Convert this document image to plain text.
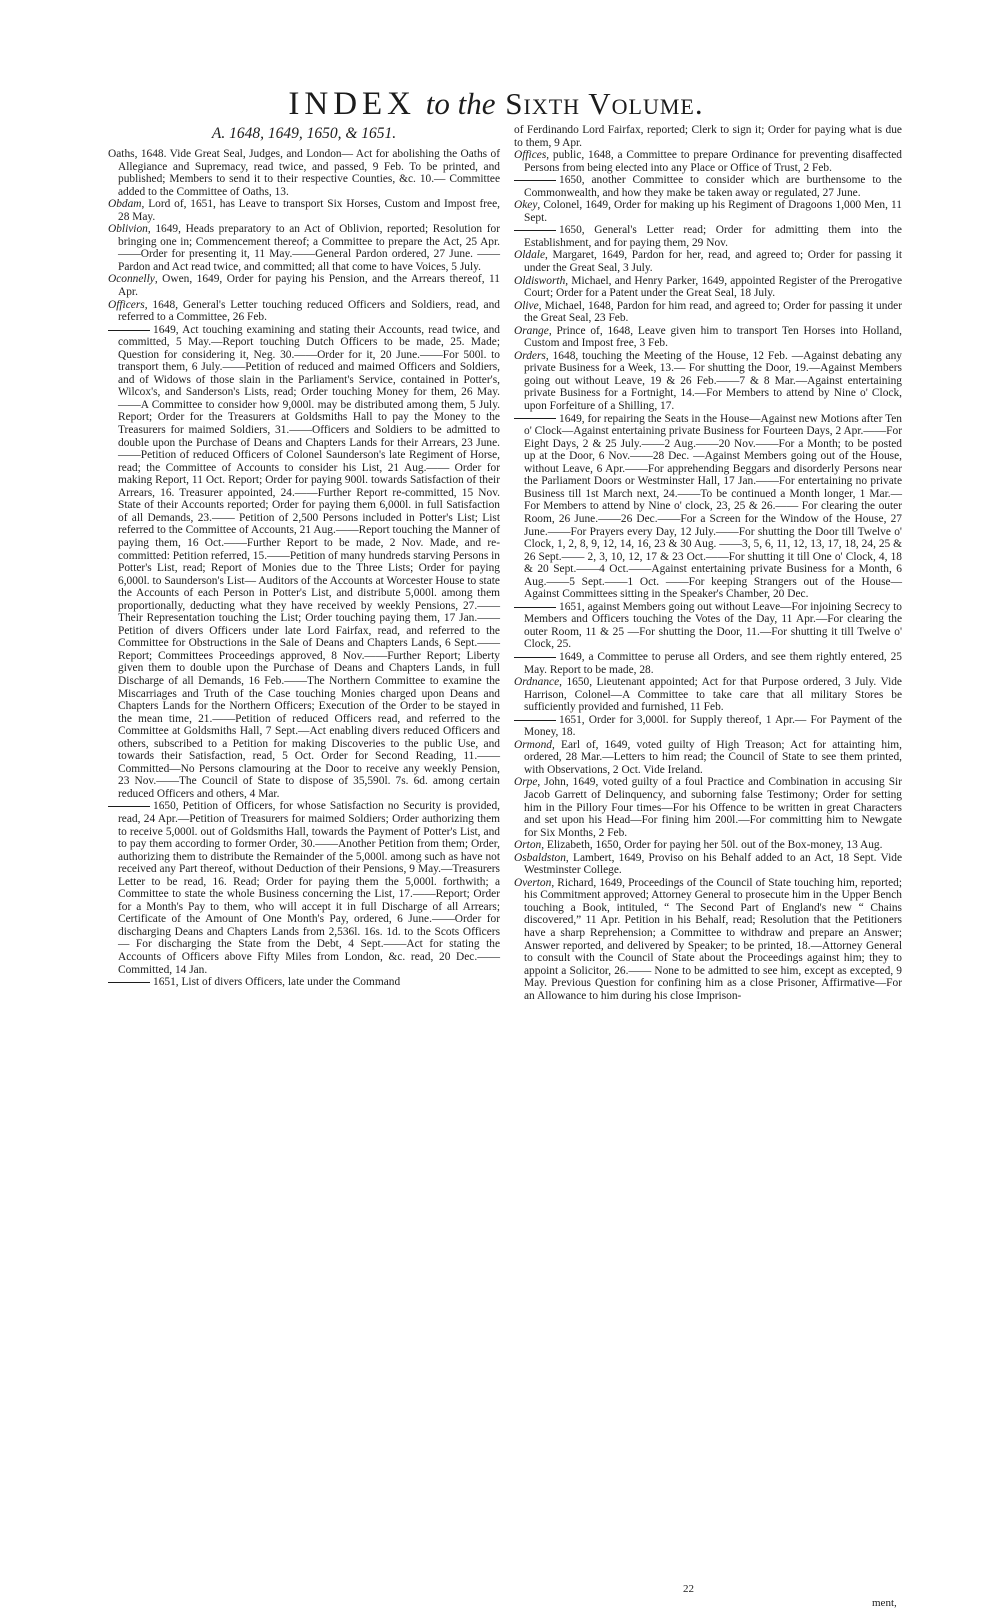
INDEX to the Sixth Volume.
A. 1648, 1649, 1650, & 1651.

Oaths, 1648. Vide Great Seal, Judges, and London— Act for abolishing the Oaths of Allegiance and Supremacy, read twice, and passed, 9 Feb. To be printed, and published; Members to send it to their respective Counties, &c. 10.— Committee added to the Committee of Oaths, 13.

Obdam, Lord of, 1651, has Leave to transport Six Horses, Custom and Impost free, 28 May.

Oblivion, 1649, Heads preparatory to an Act of Oblivion, reported; Resolution for bringing one in; Commencement thereof; a Committee to prepare the Act, 25 Apr.——Order for presenting it, 11 May.——General Pardon ordered, 27 June. ——Pardon and Act read twice, and committed; all that come to have Voices, 5 July.

Oconnelly, Owen, 1649, Order for paying his Pension, and the Arrears thereof, 11 Apr.

Officers, 1648, General's Letter touching reduced Officers and Soldiers, read, and referred to a Committee, 26 Feb.

1649, Act touching examining and stating their Accounts, read twice, and committed, 5 May.—Report touching Dutch Officers to be made, 25. Made; Question for considering it, Neg. 30.——Order for it, 20 June.——For 500l. to transport them, 6 July.——Petition of reduced and maimed Officers and Soldiers, and of Widows of those slain in the Parliament's Service, contained in Potter's, Wilcox's, and Sanderson's Lists, read; Order touching Money for them, 26 May.——A Committee to consider how 9,000l. may be distributed among them, 5 July. Report; Order for the Treasurers at Goldsmiths Hall to pay the Money to the Treasurers for maimed Soldiers, 31.——Officers and Soldiers to be admitted to double upon the Purchase of Deans and Chapters Lands for their Arrears, 23 June.——Petition of reduced Officers of Colonel Saunderson's late Regiment of Horse, read; the Committee of Accounts to consider his List, 21 Aug.—— Order for making Report, 11 Oct. Report; Order for paying 900l. towards Satisfaction of their Arrears, 16. Treasurer appointed, 24.——Further Report re-committed, 15 Nov. State of their Accounts reported; Order for paying them 6,000l. in full Satisfaction of all Demands, 23.—— Petition of 2,500 Persons included in Potter's List; List referred to the Committee of Accounts, 21 Aug.——Report touching the Manner of paying them, 16 Oct.——Further Report to be made, 2 Nov. Made, and re-committed: Petition referred, 15.——Petition of many hundreds starving Persons in Potter's List, read; Report of Monies due to the Three Lists; Order for paying 6,000l. to Saunderson's List— Auditors of the Accounts at Worcester House to state the Accounts of each Person in Potter's List, and distribute 5,000l. among them proportionally, deducting what they have received by weekly Pensions, 27.——Their Representation touching the List; Order touching paying them, 17 Jan.—— Petition of divers Officers under late Lord Fairfax, read, and referred to the Committee for Obstructions in the Sale of Deans and Chapters Lands, 6 Sept.——Report; Committees Proceedings approved, 8 Nov.——Further Report; Liberty given them to double upon the Purchase of Deans and Chapters Lands, in full Discharge of all Demands, 16 Feb.——The Northern Committee to examine the Miscarriages and Truth of the Case touching Monies charged upon Deans and Chapters Lands for the Northern Officers; Execution of the Order to be stayed in the mean time, 21.——Petition of reduced Officers read, and referred to the Committee at Goldsmiths Hall, 7 Sept.—Act enabling divers reduced Officers and others, subscribed to a Petition for making Discoveries to the public Use, and towards their Satisfaction, read, 5 Oct. Order for Second Reading, 11.——Committed—No Persons clamouring at the Door to receive any weekly Pension, 23 Nov.——The Council of State to dispose of 35,590l. 7s. 6d. among certain reduced Officers and others, 4 Mar.

1650, Petition of Officers, for whose Satisfaction no Security is provided, read, 24 Apr.—Petition of Treasurers for maimed Soldiers; Order authorizing them to receive 5,000l. out of Goldsmiths Hall, towards the Payment of Potter's List, and to pay them according to former Order, 30.——Another Petition from them; Order, authorizing them to distribute the Remainder of the 5,000l. among such as have not received any Part thereof, without Deduction of their Pensions, 9 May.—Treasurers Letter to be read, 16. Read; Order for paying them the 5,000l. forthwith; a Committee to state the whole Business concerning the List, 17.——Report; Order for a Month's Pay to them, who will accept it in full Discharge of all Arrears; Certificate of the Amount of One Month's Pay, ordered, 6 June.——Order for discharging Deans and Chapters Lands from 2,536l. 16s. 1d. to the Scots Officers— For discharging the State from the Debt, 4 Sept.——Act for stating the Accounts of Officers above Fifty Miles from London, &c. read, 20 Dec.——Committed, 14 Jan.

1651, List of divers Officers, late under the Command

of Ferdinando Lord Fairfax, reported; Clerk to sign it; Order for paying what is due to them, 9 Apr.

Offices, public, 1648, a Committee to prepare Ordinance for preventing disaffected Persons from being elected into any Place or Office of Trust, 2 Feb.

1650, another Committee to consider which are burthensome to the Commonwealth, and how they make be taken away or regulated, 27 June.

Okey, Colonel, 1649, Order for making up his Regiment of Dragoons 1,000 Men, 11 Sept.

1650, General's Letter read; Order for admitting them into the Establishment, and for paying them, 29 Nov.

Oldale, Margaret, 1649, Pardon for her, read, and agreed to; Order for passing it under the Great Seal, 3 July.

Oldisworth, Michael, and Henry Parker, 1649, appointed Register of the Prerogative Court; Order for a Patent under the Great Seal, 18 July.

Olive, Michael, 1648, Pardon for him read, and agreed to; Order for passing it under the Great Seal, 23 Feb.

Orange, Prince of, 1648, Leave given him to transport Ten Horses into Holland, Custom and Impost free, 3 Feb.

Orders, 1648, touching the Meeting of the House, 12 Feb. —Against debating any private Business for a Week, 13.— For shutting the Door, 19.—Against Members going out without Leave, 19 & 26 Feb.——7 & 8 Mar.—Against entertaining private Business for a Fortnight, 14.—For Members to attend by Nine o' Clock, upon Forfeiture of a Shilling, 17.

1649, for repairing the Seats in the House—Against new Motions after Ten o' Clock—Against entertaining private Business for Fourteen Days, 2 Apr.——For Eight Days, 2 & 25 July.——2 Aug.——20 Nov.——For a Month; to be posted up at the Door, 6 Nov.——28 Dec. —Against Members going out of the House, without Leave, 6 Apr.——For apprehending Beggars and disorderly Persons near the Parliament Doors or Westminster Hall, 17 Jan.——For entertaining no private Business till 1st March next, 24.——To be continued a Month longer, 1 Mar.— For Members to attend by Nine o' clock, 23, 25 & 26.—— For clearing the outer Room, 26 June.——26 Dec.——For a Screen for the Window of the House, 27 June.——For Prayers every Day, 12 July.——For shutting the Door till Twelve o' Clock, 1, 2, 8, 9, 12, 14, 16, 23 & 30 Aug. ——3, 5, 6, 11, 12, 13, 17, 18, 24, 25 & 26 Sept.—— 2, 3, 10, 12, 17 & 23 Oct.——For shutting it till One o' Clock, 4, 18 & 20 Sept.——4 Oct.——Against entertaining private Business for a Month, 6 Aug.——5 Sept.——1 Oct. ——For keeping Strangers out of the House—Against Committees sitting in the Speaker's Chamber, 20 Dec.

1651, against Members going out without Leave—For injoining Secrecy to Members and Officers touching the Votes of the Day, 11 Apr.—For clearing the outer Room, 11 & 25 —For shutting the Door, 11.—For shutting it till Twelve o' Clock, 25.

1649, a Committee to peruse all Orders, and see them rightly entered, 25 May. Report to be made, 28.

Ordnance, 1650, Lieutenant appointed; Act for that Purpose ordered, 3 July. Vide Harrison, Colonel—A Committee to take care that all military Stores be sufficiently provided and furnished, 11 Feb.

1651, Order for 3,000l. for Supply thereof, 1 Apr.— For Payment of the Money, 18.

Ormond, Earl of, 1649, voted guilty of High Treason; Act for attainting him, ordered, 28 Mar.—Letters to him read; the Council of State to see them printed, with Observations, 2 Oct. Vide Ireland.

Orpe, John, 1649, voted guilty of a foul Practice and Combination in accusing Sir Jacob Garrett of Delinquency, and suborning false Testimony; Order for setting him in the Pillory Four times—For his Offence to be written in great Characters and set upon his Head—For fining him 200l.—For committing him to Newgate for Six Months, 2 Feb.

Orton, Elizabeth, 1650, Order for paying her 50l. out of the Box-money, 13 Aug.

Osbaldston, Lambert, 1649, Proviso on his Behalf added to an Act, 18 Sept. Vide Westminster College.

Overton, Richard, 1649, Proceedings of the Council of State touching him, reported; his Commitment approved; Attorney General to prosecute him in the Upper Bench touching a Book, intituled, “ The Second Part of England's new “ Chains discovered,” 11 Apr. Petition in his Behalf, read; Resolution that the Petitioners have a sharp Reprehension; a Committee to withdraw and prepare an Answer; Answer reported, and delivered by Speaker; to be printed, 18.—Attorney General to consult with the Council of State about the Proceedings against him; they to appoint a Solicitor, 26.—— None to be admitted to see him, except as excepted, 9 May. Previous Question for confining him as a close Prisoner, Affirmative—For an Allowance to him during his close Imprison-

22
ment,
